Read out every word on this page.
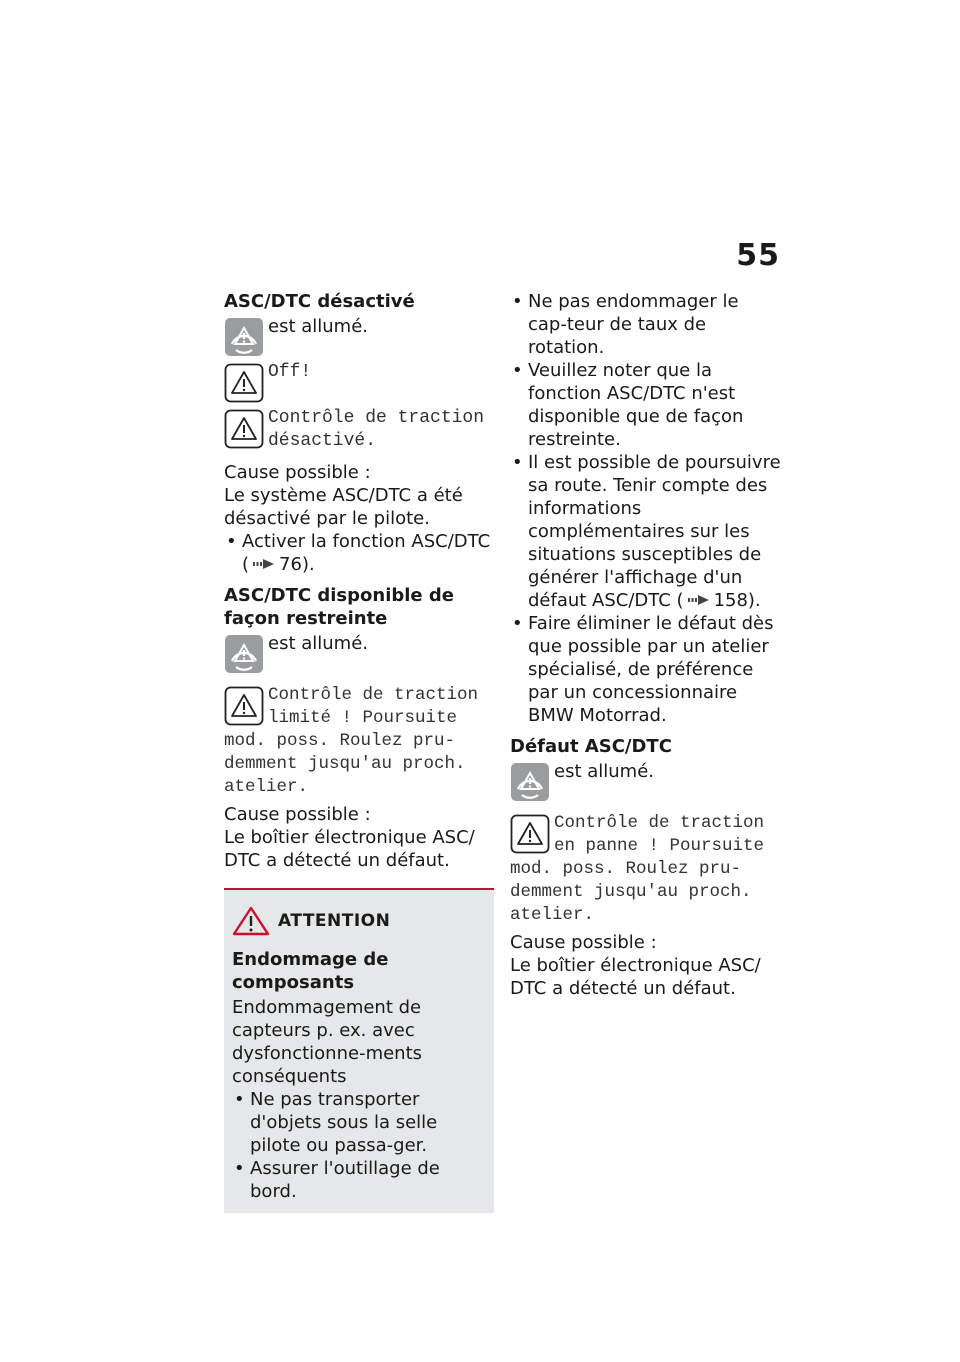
55
ASC/DTC désactivé
est allumé.
Off!
Contrôle de traction
désactivé.

Cause possible :

Le système ASC/DTC a été désactivé par le pilote.

• Activer la fonction ASC/DTC
( 76).
ASC/DTC disponible de façon restreinte
est allumé.
Contrôle de traction
limité ! Poursuite
mod. poss. Roulez pru-
demment jusqu'au proch.
atelier.

Cause possible :

Le boîtier électronique ASC/ DTC a détecté un défaut.

ATTENTION
Endommage de composants

Endommagement de capteurs p. ex. avec dysfonctionne-ments conséquents

• Ne pas transporter d'objets sous la selle pilote ou passa-ger.
• Assurer l'outillage de bord.
• Ne pas endommager le cap-teur de taux de rotation.
• Veuillez noter que la fonction ASC/DTC n'est disponible que de façon restreinte.
• Il est possible de poursuivre sa route. Tenir compte des informations complémentaires sur les situations susceptibles de générer l'affichage d'un défaut ASC/DTC ( 158).
• Faire éliminer le défaut dès que possible par un atelier spécialisé, de préférence par un concessionnaire BMW Motorrad.
Défaut ASC/DTC
est allumé.
Contrôle de traction
en panne ! Poursuite
mod. poss. Roulez pru-
demment jusqu'au proch.
atelier.

Cause possible :

Le boîtier électronique ASC/ DTC a détecté un défaut.
